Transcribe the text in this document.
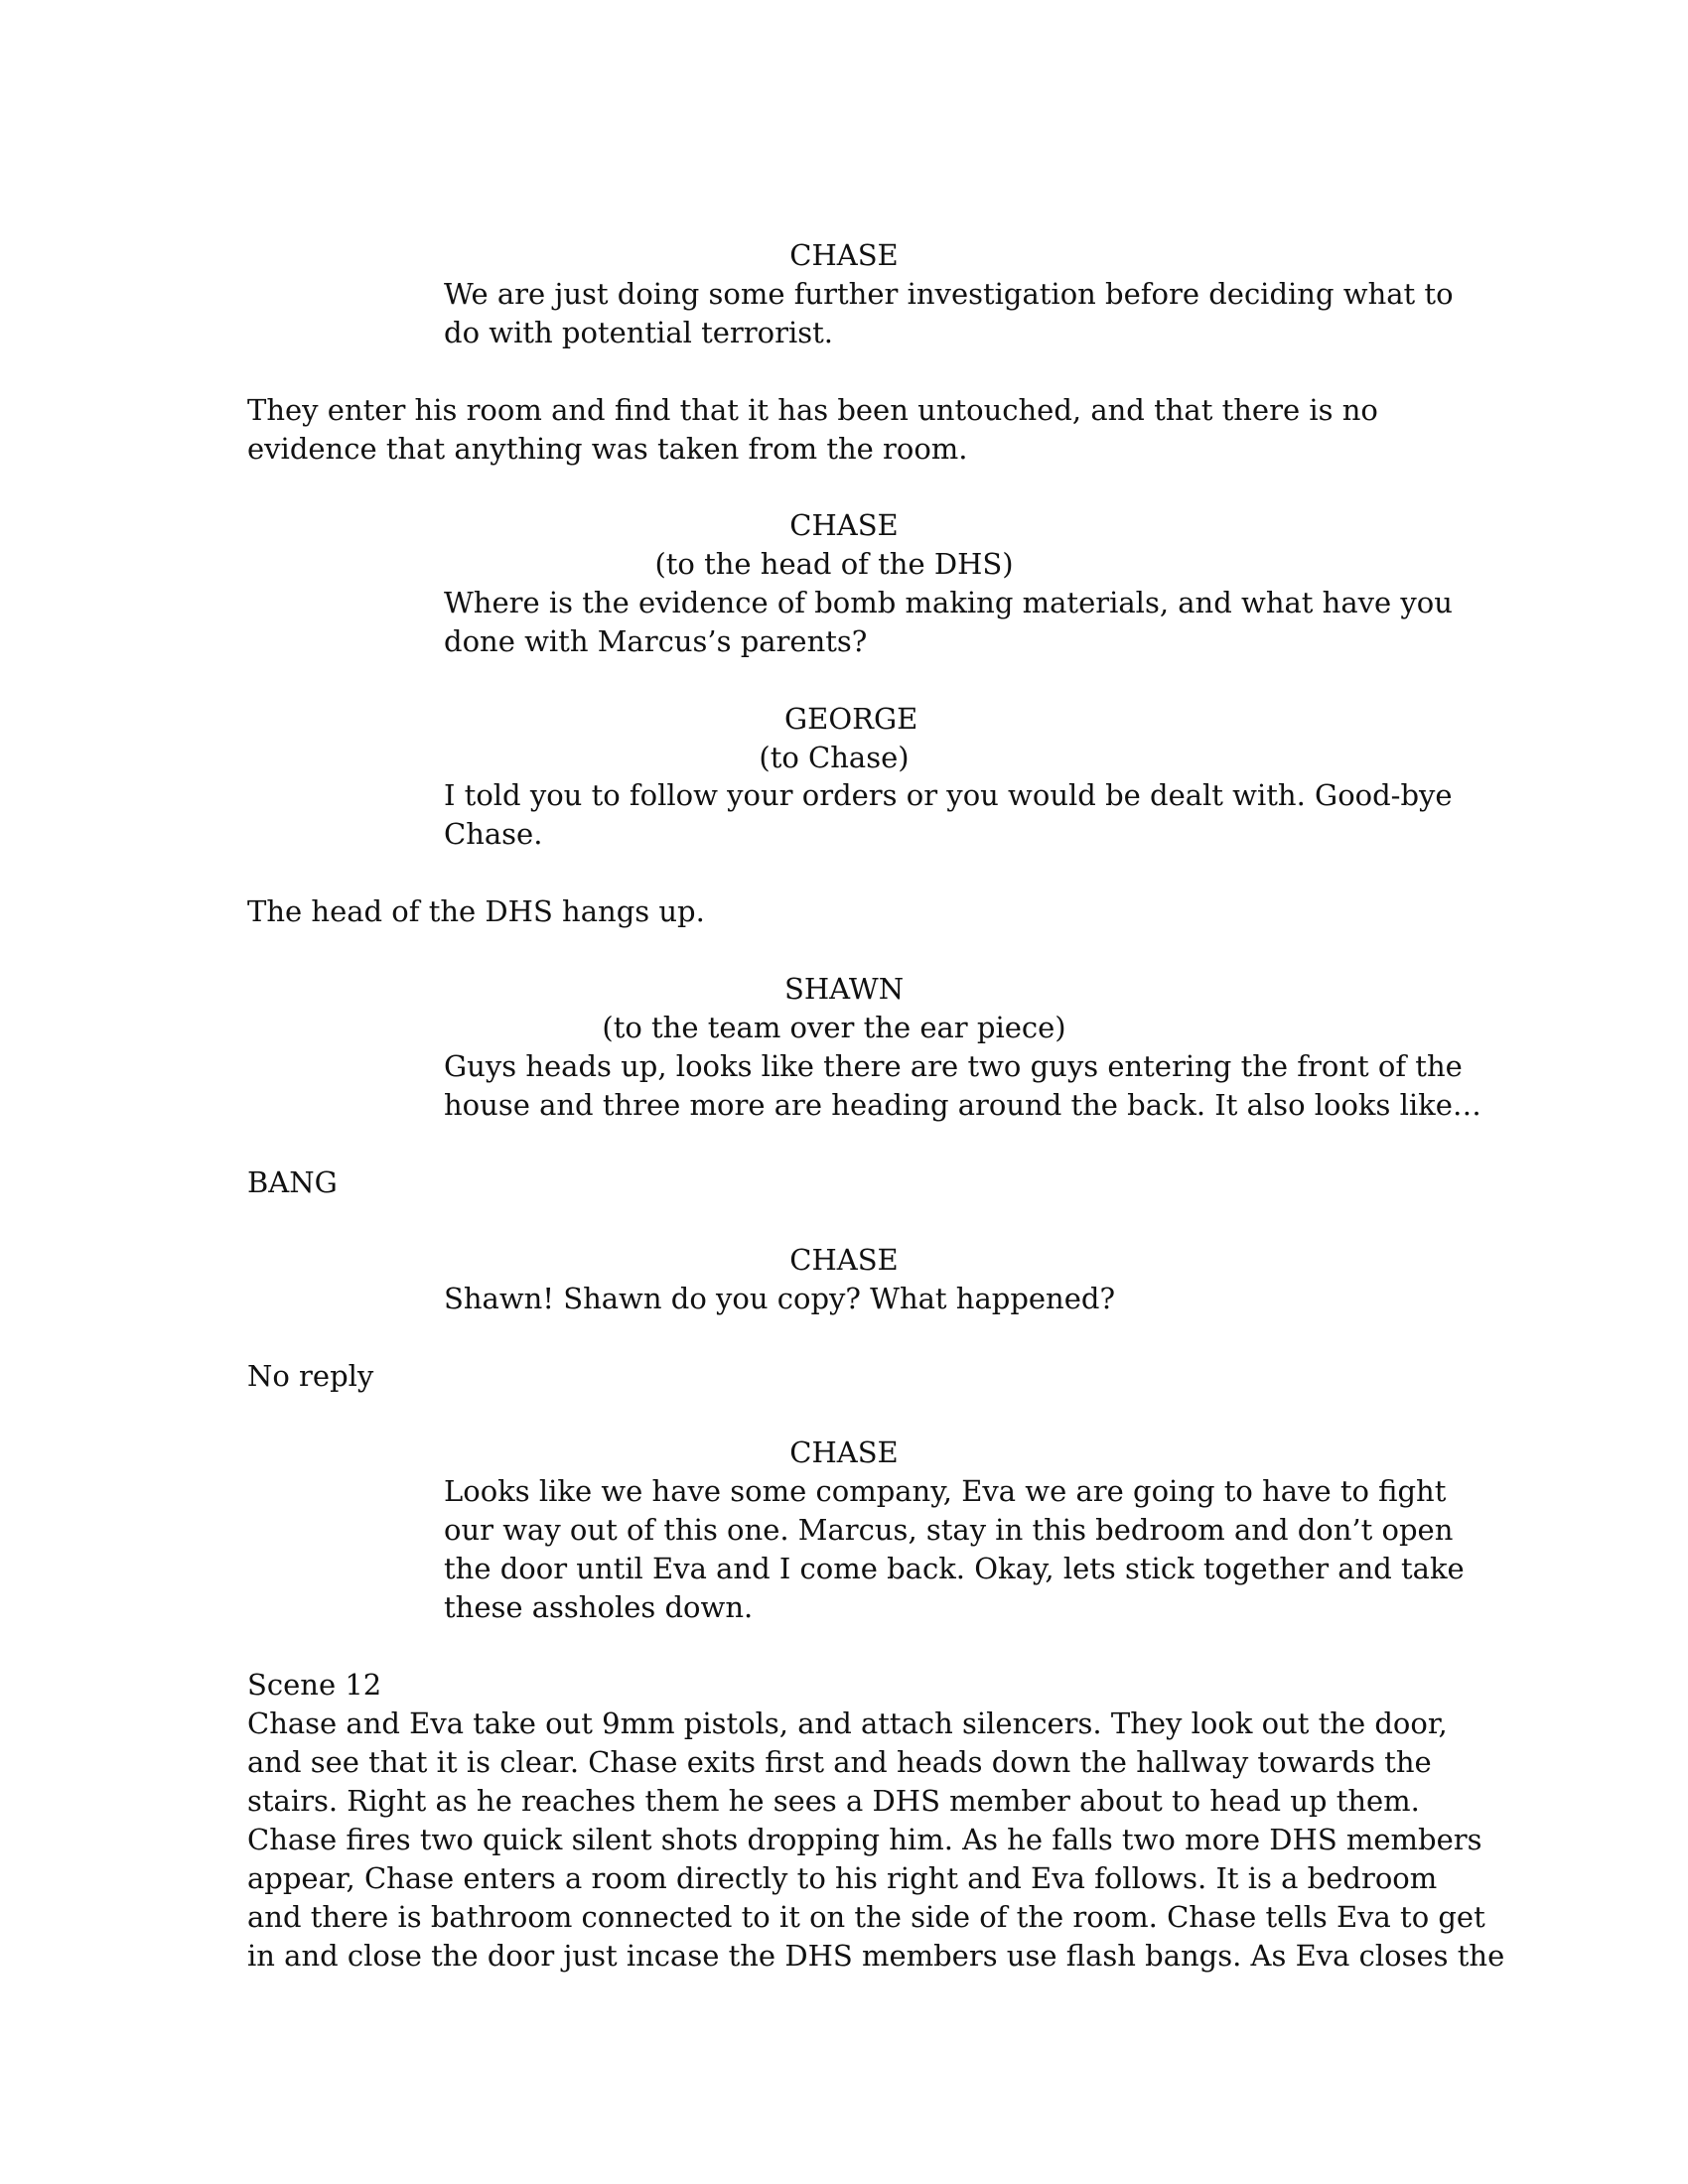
CHASE
We are just doing some further investigation before deciding what to
do with potential terrorist.
They enter his room and find that it has been untouched, and that there is no
evidence that anything was taken from the room.
CHASE
(to the head of the DHS)
Where is the evidence of bomb making materials, and what have you
done with Marcus’s parents?
GEORGE
(to Chase)
I told you to follow your orders or you would be dealt with. Good-bye
Chase.
The head of the DHS hangs up.
SHAWN
(to the team over the ear piece)
Guys heads up, looks like there are two guys entering the front of the
house and three more are heading around the back. It also looks like…
BANG
CHASE
Shawn! Shawn do you copy? What happened?
No reply
CHASE
Looks like we have some company, Eva we are going to have to fight
our way out of this one. Marcus, stay in this bedroom and don’t open
the door until Eva and I come back. Okay, lets stick together and take
these assholes down.
Scene 12
Chase and Eva take out 9mm pistols, and attach silencers. They look out the door,
and see that it is clear. Chase exits first and heads down the hallway towards the
stairs. Right as he reaches them he sees a DHS member about to head up them.
Chase fires two quick silent shots dropping him. As he falls two more DHS members
appear, Chase enters a room directly to his right and Eva follows. It is a bedroom
and there is bathroom connected to it on the side of the room. Chase tells Eva to get
in and close the door just incase the DHS members use flash bangs. As Eva closes the
